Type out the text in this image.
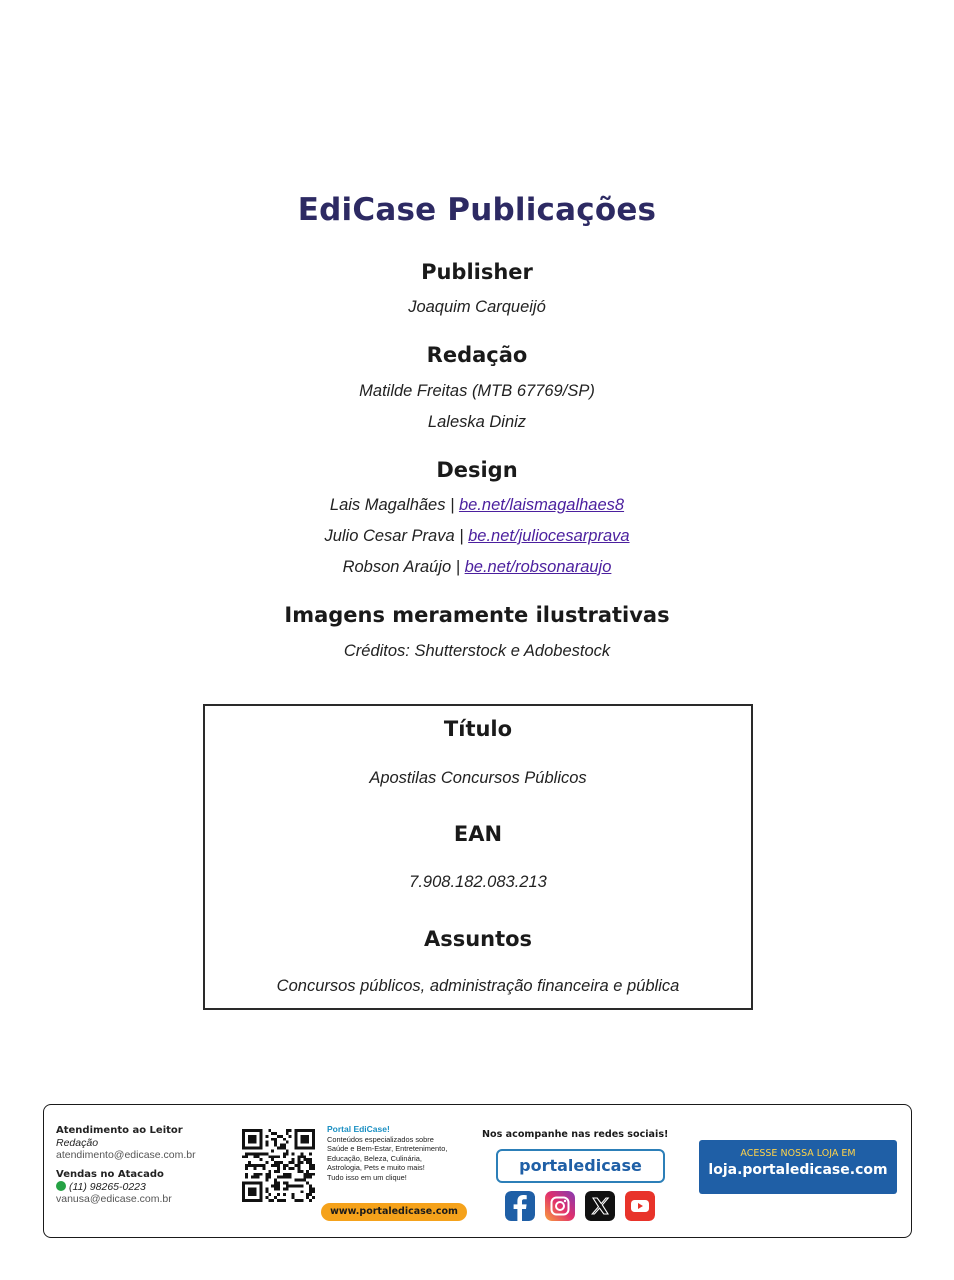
EdiCase Publicações
Publisher
Joaquim Carqueijó
Redação
Matilde Freitas (MTB 67769/SP)
Laleska Diniz
Design
Lais Magalhães | be.net/laismagalhaes8
Julio Cesar Prava | be.net/juliocesarprava
Robson Araújo | be.net/robsonaraujo
Imagens meramente ilustrativas
Créditos: Shutterstock e Adobestock
Título
Apostilas Concursos Públicos
EAN
7.908.182.083.213
Assuntos
Concursos públicos, administração financeira e pública
Atendimento ao Leitor
Redação
atendimento@edicase.com.br
Vendas no Atacado
(11) 98265-0223
vanusa@edicase.com.br
Portal EdiCase!
Conteúdos especializados sobre
Saúde e Bem-Estar, Entretenimento,
Educação, Beleza, Culinária,
Astrologia, Pets e muito mais!
Tudo isso em um clique!
www.portaledicase.com
Nos acompanhe nas redes sociais!
portaledicase
ACESSE NOSSA LOJA EM
loja.portaledicase.com
